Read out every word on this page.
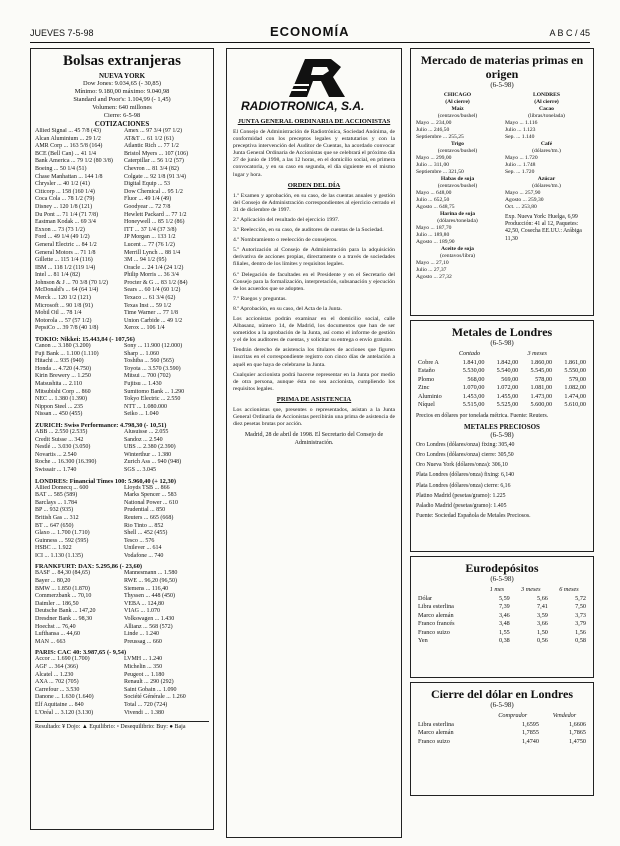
JUEVES 7-5-98	ECONOMÍA	A B C / 45
Bolsas extranjeras
NUEVA YORK
Dow Jones: 9.034,65 (- 30,85)
Mínimo: 9.180,00 máximo: 9.040,98
Standard and Poor's: 1.104,99 (- 1,45)
Volumen: 640 millones
Cierre: 6-5-98
COTIZACIONES
Allied Signal ... 45 7/8 (43)
Alcan Aluminium ... 29 1/2
AMR Corp ... 163 5/8 (164)
BCE (Bell Can) ... 41 1/4
Bank America ... 79 1/2 (80 3/8)
Boeing ... 50 1/4 (51)
Chase Manhattan ... 144 1/8
Chrysler ... 40 1/2 (41)
Citicorp ... 158 (160 1/4)
Coca Cola ... 78 1/2 (79)
Disney ... 120 1/8 (121)
Du Pont ... 71 1/4 (71 7/8)
Eastman Kodak ... 69 3/4
Exxon ... 73 (73 1/2)
Ford ... 49 1/4 (49 1/2)
General Electric ... 84 1/2
General Motors ... 71 1/8
Gillette ... 115 1/4 (116)
IBM ... 118 1/2 (119 1/4)
Intel ... 81 1/4 (82)
Johnson & J ... 70 3/8 (70 1/2)
McDonald's ... 64 (64 1/4)
Merck ... 120 1/2 (121)
Microsoft ... 90 1/8 (91)
Mobil Oil ... 78 1/4
Motorola ... 57 (57 1/2)
PepsiCo ... 39 7/8 (40 1/8)
Amex ... 97 3/4 (97 1/2)
AT&T ... 61 1/2 (61)
Atlantic Rich ... 77 1/2
Bristol Myers ... 107 (106)
Caterpillar ... 56 1/2 (57)
Chevron ... 81 3/4 (82)
Colgate ... 92 1/8 (91 3/4)
Digital Equip ... 53
Dow Chemical ... 95 1/2
Fluor ... 49 1/4 (49)
Goodyear ... 72 7/8
Hewlett Packard ... 77 1/2
Honeywell ... 85 1/2 (86)
ITT ... 37 1/4 (37 3/8)
JP Morgan ... 133 1/2
Lucent ... 77 (76 1/2)
Merrill Lynch ... 88 1/4
3M ... 94 1/2 (95)
Oracle ... 24 1/4 (24 1/2)
Philip Morris ... 36 3/4
Procter & G ... 83 1/2 (84)
Sears ... 60 1/4 (60 1/2)
Texaco ... 61 3/4 (62)
Texas Inst ... 59 1/2
Time Warner ... 77 1/8
Union Carbide ... 49 1/2
Xerox ... 106 1/4
TOKIO: Nikkei: 15.443,84 (- 107,56)
Canon ... 3.180 (3.200)
Fuji Bank ... 1.100 (1.110)
Hitachi ... 935 (940)
Honda ... 4.720 (4.750)
Kirin Brewery ... 1.250
Matsushita ... 2.110
Mitsubishi Corp ... 860
NEC ... 1.380 (1.390)
Nippon Steel ... 235
Nissan ... 450 (455)
Sony ... 11.900 (12.000)
Sharp ... 1.060
Toshiba ... 560 (565)
Toyota ... 3.570 (3.590)
Mitsui ... 700 (702)
Fujitsu ... 1.430
Sumitomo Bank ... 1.290
Tokyo Electric ... 2.550
NTT ... 1.080.000
Seiko ... 1.040
ZURICH: Swiss Performance: 4.798,30 (- 10,51)
ABB ... 2.550 (2.535)
Credit Suisse ... 342
Nestlé ... 3.030 (3.050)
Novartis ... 2.540
Roche ... 16.300 (16.390)
Swissair ... 1.740
Alusuisse ... 2.055
Sandoz ... 2.540
UBS ... 2.380 (2.390)
Winterthur ... 1.380
Zurich Ass ... 940 (948)
SGS ... 3.045
LONDRES: Financial Times 100: 5.960,40 (+ 12,30)
Allied Domecq ... 600
BAT ... 585 (589)
Barclays ... 1.784
BP ... 932 (935)
British Gas ... 312
BT ... 647 (650)
Glaxo ... 1.700 (1.710)
Guinness ... 592 (595)
HSBC ... 1.922
ICI ... 1.130 (1.135)
Lloyds TSB ... 866
Marks Spencer ... 583
National Power ... 610
Prudential ... 850
Reuters ... 665 (668)
Rio Tinto ... 852
Shell ... 452 (455)
Tesco ... 576
Unilever ... 614
Vodafone ... 740
FRANKFURT: DAX: 5.295,86 (- 23,60)
BASF ... 84,30 (84,65)
Bayer ... 80,20
BMW ... 1.850 (1.870)
Commerzbank ... 70,10
Daimler ... 186,50
Deutsche Bank ... 147,20
Dresdner Bank ... 98,30
Hoechst ... 76,40
Lufthansa ... 44,60
MAN ... 663
Mannesmann ... 1.580
RWE ... 96,20 (96,50)
Siemens ... 116,40
Thyssen ... 448 (450)
VEBA ... 124,80
VIAG ... 1.070
Volkswagen ... 1.430
Allianz ... 568 (572)
Linde ... 1.240
Preussag ... 660
PARIS: CAC 40: 3.987,65 (- 9,54)
Accor ... 1.690 (1.700)
AGF ... 364 (366)
Alcatel ... 1.230
AXA ... 702 (705)
Carrefour ... 3.530
Danone ... 1.630 (1.640)
Elf Aquitaine ... 840
L'Oréal ... 3.120 (3.130)
LVMH ... 1.240
Michelin ... 350
Peugeot ... 1.180
Renault ... 290 (292)
Saint Gobain ... 1.090
Société Générale ... 1.260
Total ... 720 (724)
Vivendi ... 1.380
Resultado: ¥ Dojo: ▲ Equilibrio: ▫ Desequilibrio: Buy: ● Baja
RADIOTRONICA, S.A.
JUNTA GENERAL ORDINARIA DE ACCIONISTAS

El Consejo de Administración de Radiotrónica, Sociedad Anónima, de conformidad con los preceptos legales y estatutarios y con la preceptiva intervención del Auditor de Cuentas, ha acordado convocar Junta General Ordinaria de Accionistas que se celebrará el próximo día 27 de junio de 1998, a las 12 horas, en el domicilio social, en primera convocatoria, y en su caso en segunda, el día siguiente en el mismo lugar y hora.

ORDEN DEL DÍA
1.º Examen y aprobación, en su caso, de las cuentas anuales y gestión del Consejo de Administración correspondientes al ejercicio cerrado el 31 de diciembre de 1997.
2.º Aplicación del resultado del ejercicio 1997.
3.º Reelección, en su caso, de auditores de cuentas de la Sociedad.
4.º Nombramiento o reelección de consejeros.
5.º Autorización al Consejo de Administración para la adquisición derivativa de acciones propias, directamente o a través de sociedades filiales, dentro de los límites y requisitos legales.
6.º Delegación de facultades en el Presidente y en el Secretario del Consejo para la formalización, interpretación, subsanación y ejecución de los acuerdos que se adopten.
7.º Ruegos y preguntas.
8.º Aprobación, en su caso, del Acta de la Junta.

Los accionistas podrán examinar en el domicilio social, calle Albasanz, número 14, de Madrid, los documentos que han de ser sometidos a la aprobación de la Junta, así como el informe de gestión y el de los auditores de cuentas, y solicitar su entrega o envío gratuito.

Tendrán derecho de asistencia los titulares de acciones que figuren inscritas en el correspondiente registro con cinco días de antelación a aquél en que haya de celebrarse la Junta.

Cualquier accionista podrá hacerse representar en la Junta por medio de otra persona, aunque ésta no sea accionista, cumpliendo los requisitos legales.

PRIMA DE ASISTENCIA

Los accionistas que, presentes o representados, asistan a la Junta General Ordinaria de Accionistas percibirán una prima de asistencia de diez pesetas brutas por acción.

Madrid, 28 de abril de 1998. El Secretario del Consejo de Administración.
Mercado de materias primas en origen
(6-5-98)
CHICAGO
(Al cierre)
Maíz
(centavos/bushel)
Mayo ... 234,00
Julio ... 246,50
Septiembre ... 255,25
Trigo
(centavos/bushel)
Mayo ... 299,00
Julio ... 311,00
Septiembre ... 321,50
Habas de soja
(centavos/bushel)
Mayo ... 648,00
Julio ... 652,50
Agosto ... 648,75
Harina de soja
(dólares/tonelada)
Mayo ... 187,70
Julio ... 189,80
Agosto ... 189,90
Aceite de soja
(centavos/libra)
Mayo ... 27,10
Julio ... 27,37
Agosto ... 27,32
LONDRES
(Al cierre)
Cacao
(libras/tonelada)
Mayo ... 1.116
Julio ... 1.123
Sep. ... 1.140
Café
(dólares/tm.)
Mayo ... 1.720
Julio ... 1.748
Sep. ... 1.720
Azúcar
(dólares/tm.)
Mayo ... 257,90
Agosto ... 259,30
Oct. ... 253,80
Exp. Nueva York: Huelga, 6,99 Producción: 41 al 12, Paquetes: 42,50, Cosecha EE.UU.: Arábiga 11,30
Metales de Londres
(6-5-98)
	Contado		3 meses	
Cobre A	1.841,00	1.842,00	1.860,00	1.861,00
Estaño	5.530,00	5.540,00	5.545,00	5.550,00
Plomo	568,00	569,00	578,00	579,00
Zinc	1.070,00	1.072,00	1.081,00	1.082,00
Aluminio	1.453,00	1.455,00	1.473,00	1.474,00
Níquel	5.515,00	5.525,00	5.600,00	5.610,00
Precios en dólares por tonelada métrica. Fuente: Reuters.
METALES PRECIOSOS
(6-5-98)
Oro Londres (dólares/onza) fixing: 305,40
Oro Londres (dólares/onza) cierre: 305,50
Oro Nueva York (dólares/onza): 306,10
Plata Londres (dólares/onza) fixing: 6,140
Plata Londres (dólares/onza) cierre: 6,16
Platino Madrid (pesetas/gramo): 1.225
Paladio Madrid (pesetas/gramo): 1.405
Fuente: Sociedad Española de Metales Preciosos.
Eurodepósitos
(6-5-98)
	1 mes	3 meses	6 meses
Dólar	5,59	5,66	5,72
Libra esterlina	7,39	7,41	7,50
Marco alemán	3,46	3,59	3,73
Franco francés	3,48	3,66	3,79
Franco suizo	1,55	1,50	1,56
Yen	0,38	0,56	0,58
Cierre del dólar en Londres
(6-5-98)
	Comprador	Vendedor
Libra esterlina	1,6595	1,6606
Marco alemán	1,7855	1,7865
Franco suizo	1,4740	1,4750
